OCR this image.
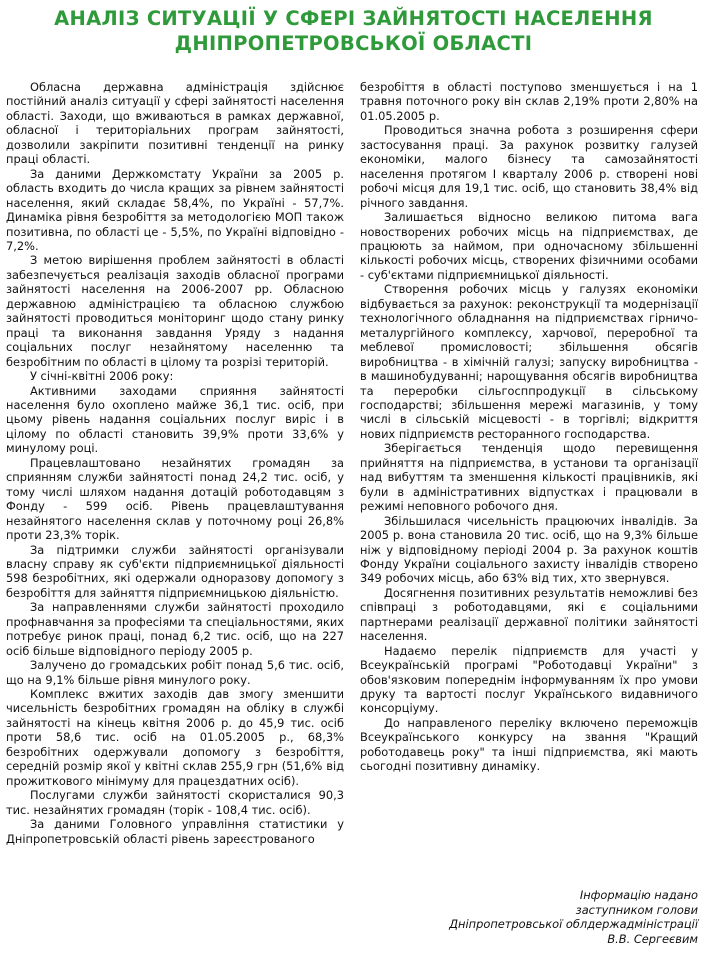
АНАЛІЗ СИТУАЦІЇ У СФЕРІ ЗАЙНЯТОСТІ НАСЕЛЕННЯ
ДНІПРОПЕТРОВСЬКОЇ ОБЛАСТІ

Обласна державна адміністрація здійснює постійний аналіз ситуації у сфері зайнятості населення області. Заходи, що вживаються в рамках державної, обласної і територіальних програм зайнятості, дозволили закріпити позитивні тенденції на ринку праці області.

За даними Держкомстату України за 2005 р. область входить до числа кращих за рівнем зайнятості населення, який складає 58,4%, по Україні - 57,7%. Динаміка рівня безробіття за методологією МОП також позитивна, по області це - 5,5%, по Україні відповідно - 7,2%.

З метою вирішення проблем зайнятості в області забезпечується реалізація заходів обласної програми зайнятості населення на 2006-2007 рр. Обласною державною адміністрацією та обласною службою зайнятості проводиться моніторинг щодо стану ринку праці та виконання завдання Уряду з надання соціальних послуг незайнятому населенню та безробітним по області в цілому та розрізі територій.

У січні-квітні 2006 року:

Активними заходами сприяння зайнятості населення було охоплено майже 36,1 тис. осіб, при цьому рівень надання соціальних послуг виріс і в цілому по області становить 39,9% проти 33,6% у минулому році.

Працевлаштовано незайнятих громадян за сприянням служби зайнятості понад 24,2 тис. осіб, у тому числі шляхом надання дотацій роботодавцям з Фонду - 599 осіб. Рівень працевлаштування незайнятого населення склав у поточному році 26,8% проти 23,3% торік.

За підтримки служби зайнятості організували власну справу як суб'єкти підприємницької діяльності 598 безробітних, які одержали одноразову допомогу з безробіття для зайняття підприємницькою діяльністю.

За направленнями служби зайнятості проходило профнавчання за професіями та спеціальностями, яких потребує ринок праці, понад 6,2 тис. осіб, що на 227 осіб більше відповідного періоду 2005 р.

Залучено до громадських робіт понад 5,6 тис. осіб, що на 9,1% більше рівня минулого року.

Комплекс вжитих заходів дав змогу зменшити чисельність безробітних громадян на обліку в службі зайнятості на кінець квітня 2006 р. до 45,9 тис. осіб проти 58,6 тис. осіб на 01.05.2005 р., 68,3% безробітних одержували допомогу з безробіття, середній розмір якої у квітні склав 255,9 грн (51,6% від прожиткового мінімуму для працездатних осіб).

Послугами служби зайнятості скористалися 90,3 тис. незайнятих громадян (торік - 108,4 тис. осіб).

За даними Головного управління статистики у Дніпропетровській області рівень зареєстрованого

безробіття в області поступово зменшується і на 1 травня поточного року він склав 2,19% проти 2,80% на 01.05.2005 р.

Проводиться значна робота з розширення сфери застосування праці. За рахунок розвитку галузей економіки, малого бізнесу та самозайнятості населення протягом I кварталу 2006 р. створені нові робочі місця для 19,1 тис. осіб, що становить 38,4% від річного завдання.

Залишається відносно великою питома вага новостворених робочих місць на підприємствах, де працюють за наймом, при одночасному збільшенні кількості робочих місць, створених фізичними особами - суб'єктами підприємницької діяльності.

Створення робочих місць у галузях економіки відбувається за рахунок: реконструкції та модернізації технологічного обладнання на підприємствах гірничо-металургійного комплексу, харчової, переробної та меблевої промисловості; збільшення обсягів виробництва - в хімічній галузі; запуску виробництва - в машинобудуванні; нарощування обсягів виробництва та переробки сільгосппродукції в сільському господарстві; збільшення мережі магазинів, у тому числі в сільській місцевості - в торгівлі; відкриття нових підприємств ресторанного господарства.

Зберігається тенденція щодо перевищення прийняття на підприємства, в установи та організації над вибуттям та зменшення кількості працівників, які були в адміністративних відпустках і працювали в режимі неповного робочого дня.

Збільшилася чисельність працюючих інвалідів. За 2005 р. вона становила 20 тис. осіб, що на 9,3% більше ніж у відповідному періоді 2004 р. За рахунок коштів Фонду України соціального захисту інвалідів створено 349 робочих місць, або 63% від тих, хто звернувся.

Досягнення позитивних результатів неможливі без співпраці з роботодавцями, які є соціальними партнерами реалізації державної політики зайнятості населення.

Надаємо перелік підприємств для участі у Всеукраїнській програмі "Роботодавці України" з обов'язковим попереднім інформуванням їх про умови друку та вартості послуг Українського видавничого консорціуму.

До направленого переліку включено переможців Всеукраїнського конкурсу на звання "Кращий роботодавець року" та інші підприємства, які мають сьогодні позитивну динаміку.

Інформацію надано
заступником голови
Дніпропетровської облдержадміністрації
В.В. Сергеєвим
